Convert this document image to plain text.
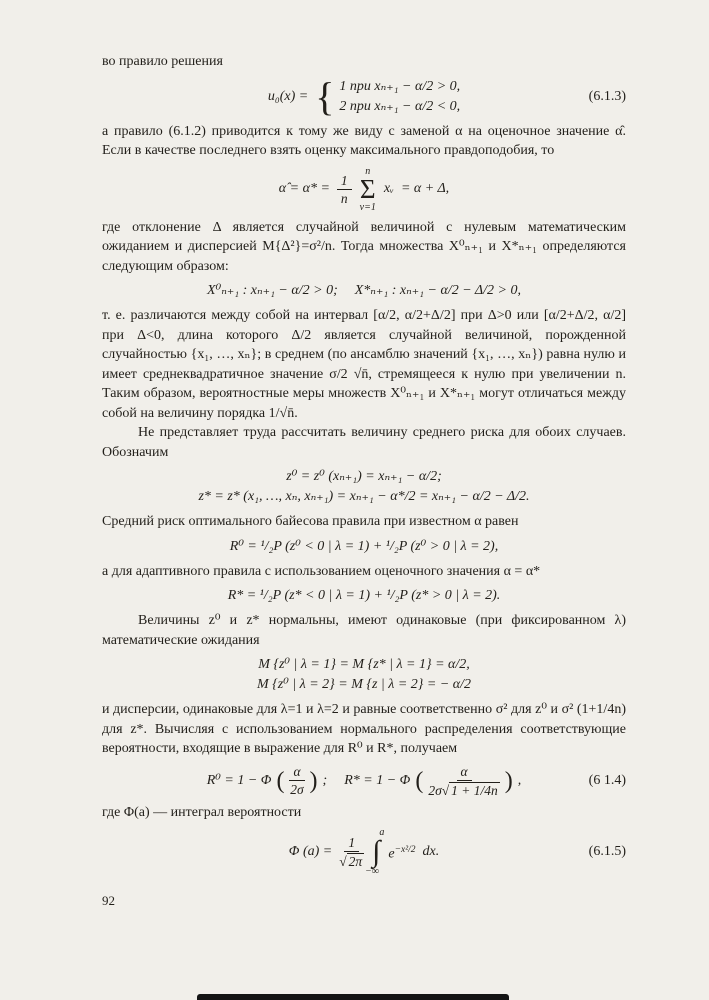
во правило решения

u₀(x) = { 1 при xₙ₊₁ − α/2 > 0,
2 при xₙ₊₁ − α/2 < 0,
(6.1.3)

а правило (6.1.2) приводится к тому же виду с заменой α на оценочное значение α̂. Если в качестве последнего взять оценку максимального правдоподобия, то

α̂ = $\alpha* = \frac{1}{n}$
n
Σ
ν=1
xᵥ = α + Δ,

где отклонение Δ является случайной величиной с нулевым математическим ожиданием и дисперсией M{Δ²}=σ²/n. Тогда множества X⁰ₙ₊₁ и X*ₙ₊₁ определяются следующим образом:

X⁰ₙ₊₁ : xₙ₊₁ − α/2 > 0; X*ₙ₊₁ : xₙ₊₁ − α/2 − Δ/2 > 0,

т. е. различаются между собой на интервал [α/2, α/2+Δ/2] при Δ>0 или [α/2+Δ/2, α/2] при Δ<0, длина которого Δ/2 является случайной величиной, порожденной случайностью {x₁, …, xₙ}; в среднем (по ансамблю значений {x₁, …, xₙ}) равна нулю и имеет среднеквадратичное значение σ/2 √n̄, стремящееся к нулю при увеличении n. Таким образом, вероятностные меры множеств X⁰ₙ₊₁ и X*ₙ₊₁ могут отличаться между собой на величину порядка 1/√n̄.

Не представляет труда рассчитать величину среднего риска для обоих случаев. Обозначим

z⁰ = z⁰ (xₙ₊₁) = xₙ₊₁ − α/2;
z* = z* (x₁, …, xₙ, xₙ₊₁) = xₙ₊₁ − α*/2 = xₙ₊₁ − α/2 − Δ/2.

Средний риск оптимального байесова правила при известном α равен

R⁰ = ¹/₂P (z⁰ < 0 | λ = 1) + ¹/₂P (z⁰ > 0 | λ = 2),

а для адаптивного правила с использованием оценочного значения α = α*

R* = ¹/₂P (z* < 0 | λ = 1) + ¹/₂P (z* > 0 | λ = 2).

Величины z⁰ и z* нормальны, имеют одинаковые (при фиксированном λ) математические ожидания

M {z⁰ | λ = 1} = M {z* | λ = 1} = α/2,
M {z⁰ | λ = 2} = M {z | λ = 2} = − α/2

и дисперсии, одинаковые для λ=1 и λ=2 и равные соответственно σ² для z⁰ и σ² (1+1/4n) для z*. Вычисляя с использованием нормального распределения соответствующие вероятности, входящие в выражение для R⁰ и R*, получаем

R⁰ = 1 − Φ ( $\frac{\alpha}{2\sigma}$ ) ; R* = 1 − Φ ( $\frac{\alpha}{2\sigma √ 1 + 1/4n}$ ) ,	(6 1.4)

где Φ(a) — интеграл вероятности

Φ $(a) = \frac{1}{√ 2\pi}$
a
∫
−∞
$e^{-x^2/2}$ dx.	(6.1.5)
92
